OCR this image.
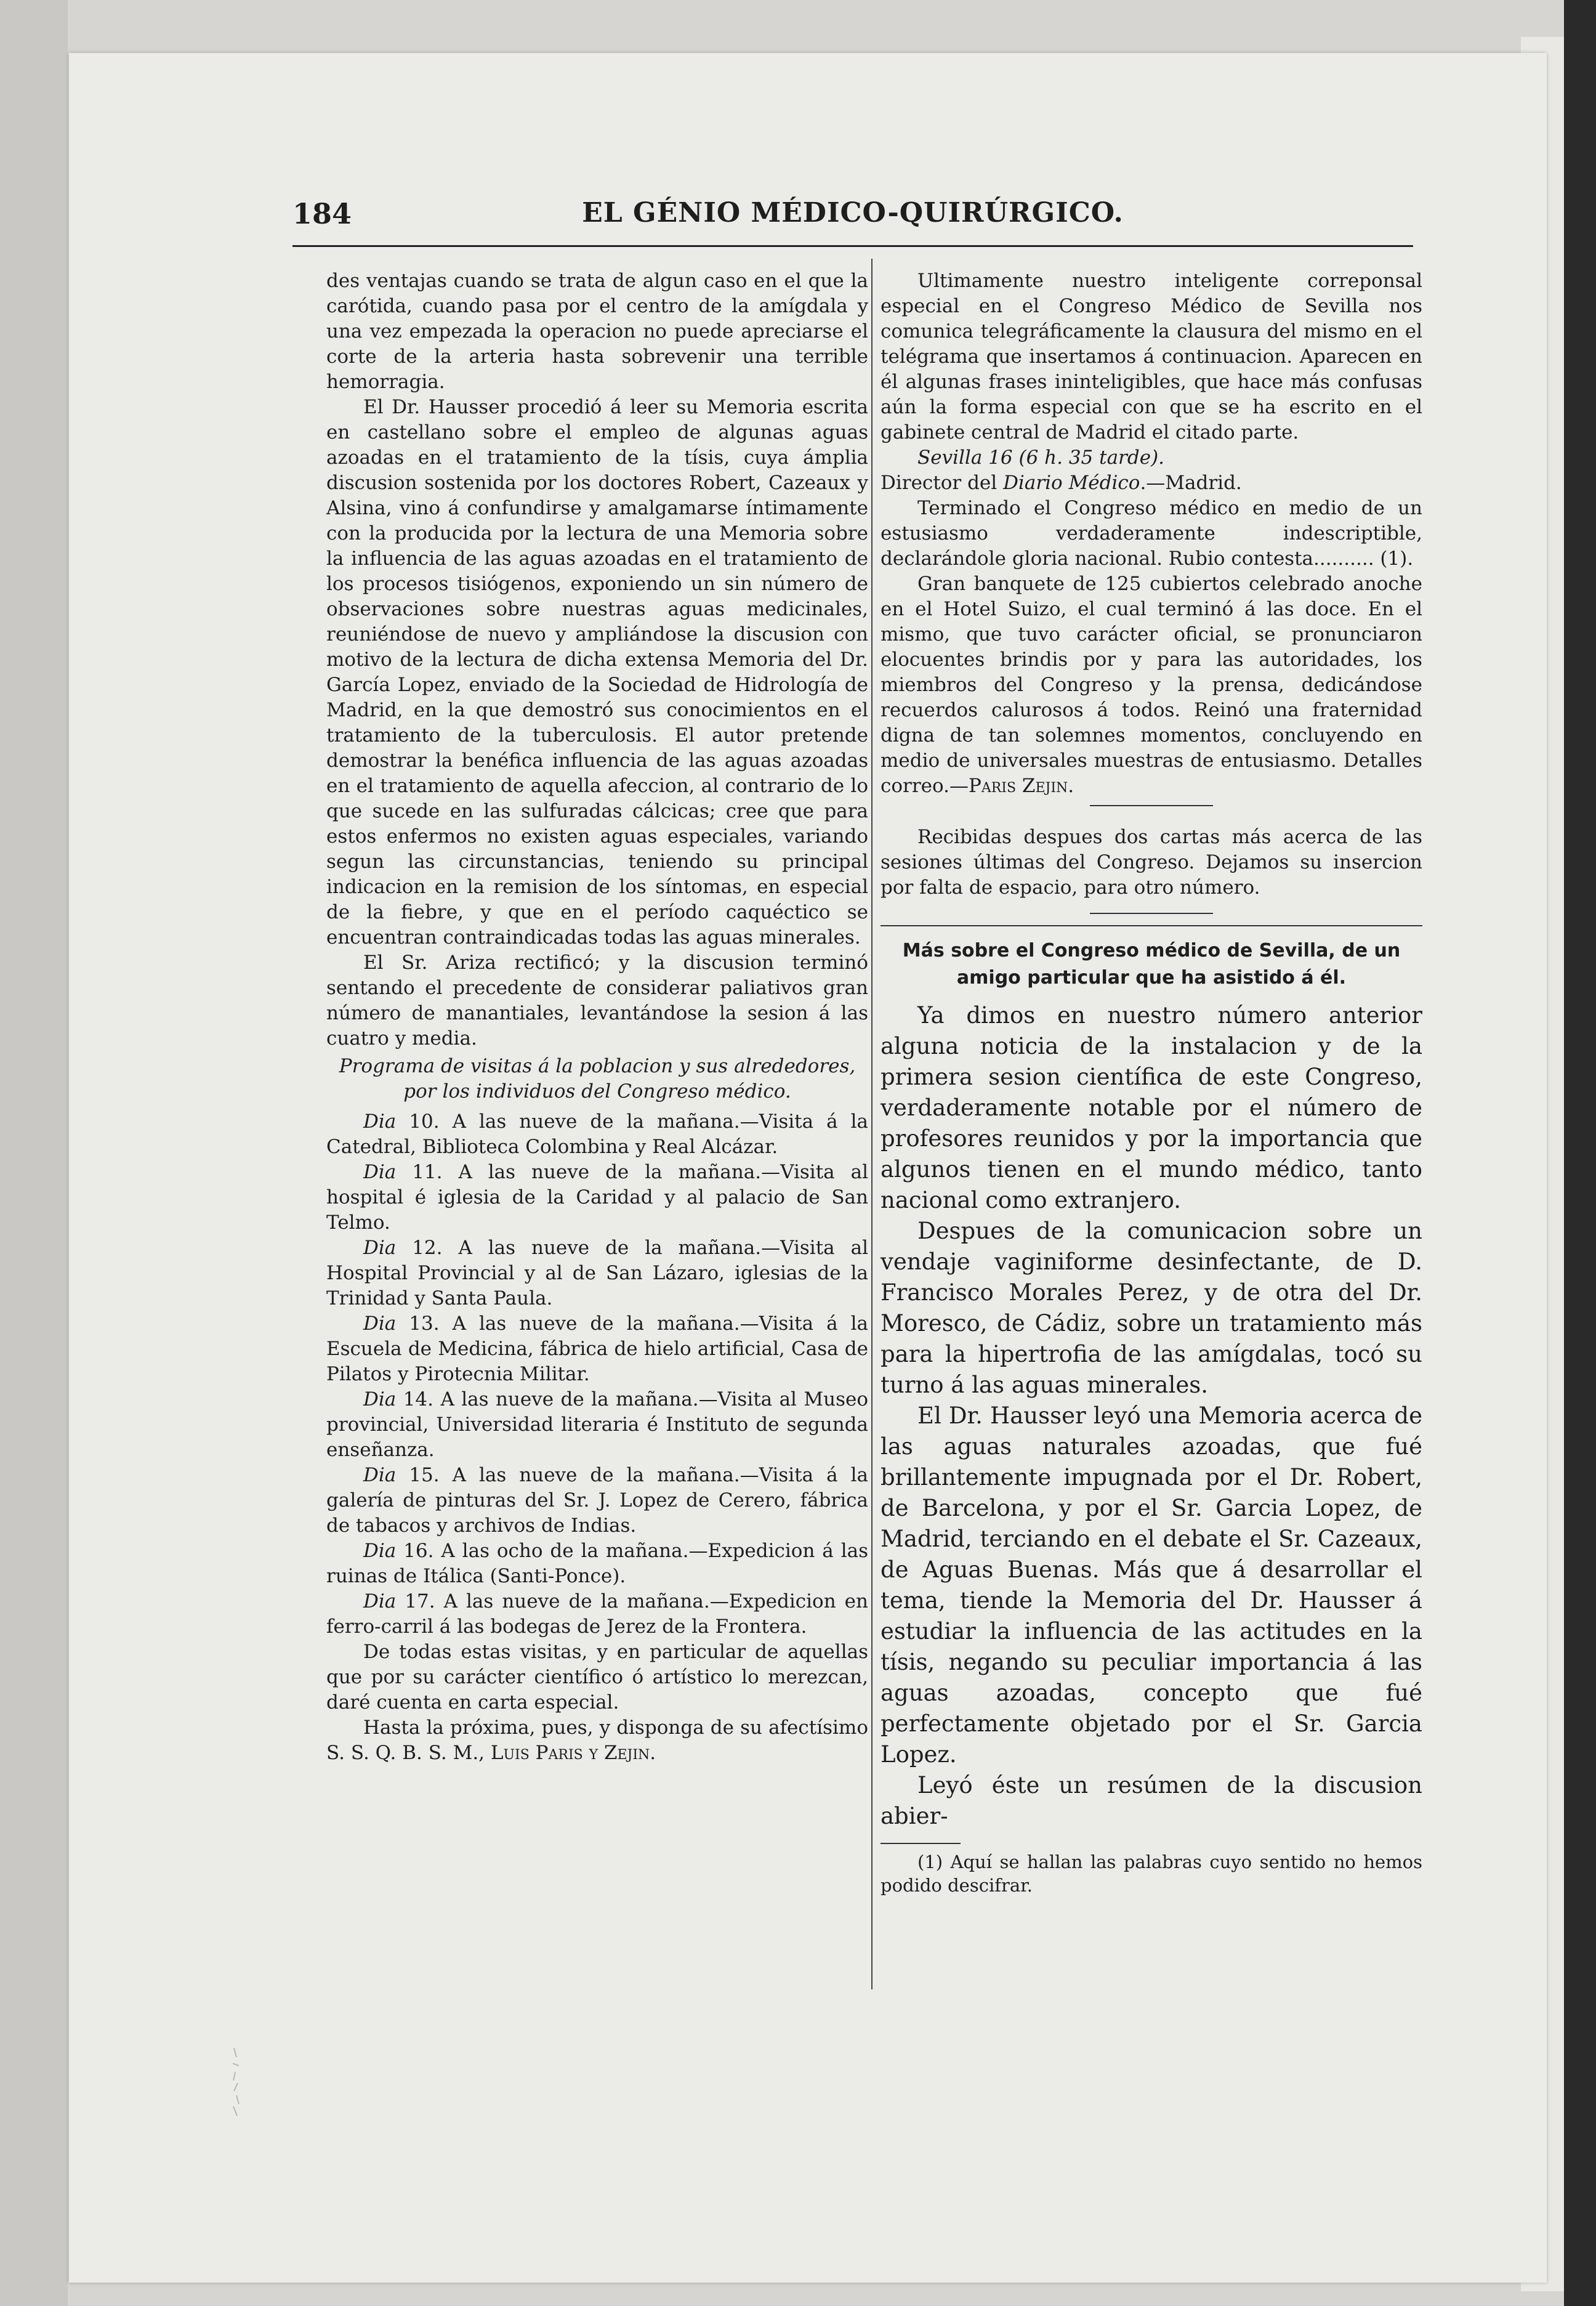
184	EL GÉNIO MÉDICO-QUIRÚRGICO.

des ventajas cuando se trata de algun caso en el que la carótida, cuando pasa por el centro de la amígdala y una vez empezada la operacion no puede apreciarse el corte de la arteria hasta sobrevenir una terrible hemorragia.

El Dr. Hausser procedió á leer su Memoria escrita en castellano sobre el empleo de algunas aguas azoadas en el tratamiento de la tísis, cuya ámplia discusion sostenida por los doctores Robert, Cazeaux y Alsina, vino á confundirse y amalgamarse íntimamente con la producida por la lectura de una Memoria sobre la influencia de las aguas azoadas en el tratamiento de los procesos tisiógenos, exponiendo un sin número de observaciones sobre nuestras aguas medicinales, reuniéndose de nuevo y ampliándose la discusion con motivo de la lectura de dicha extensa Memoria del Dr. García Lopez, enviado de la Sociedad de Hidrología de Madrid, en la que demostró sus conocimientos en el tratamiento de la tuberculosis. El autor pretende demostrar la benéfica influencia de las aguas azoadas en el tratamiento de aquella afeccion, al contrario de lo que sucede en las sulfuradas cálcicas; cree que para estos enfermos no existen aguas especiales, variando segun las circunstancias, teniendo su principal indicacion en la remision de los síntomas, en especial de la fiebre, y que en el período caquéctico se encuentran contraindicadas todas las aguas minerales.

El Sr. Ariza rectificó; y la discusion terminó sentando el precedente de considerar paliativos gran número de manantiales, levantándose la sesion á las cuatro y media.

Programa de visitas á la poblacion y sus alrededores, por los individuos del Congreso médico.

Dia 10. A las nueve de la mañana.—Visita á la Catedral, Biblioteca Colombina y Real Alcázar.

Dia 11. A las nueve de la mañana.—Visita al hospital é iglesia de la Caridad y al palacio de San Telmo.

Dia 12. A las nueve de la mañana.—Visita al Hospital Provincial y al de San Lázaro, iglesias de la Trinidad y Santa Paula.

Dia 13. A las nueve de la mañana.—Visita á la Escuela de Medicina, fábrica de hielo artificial, Casa de Pilatos y Pirotecnia Militar.

Dia 14. A las nueve de la mañana.—Visita al Museo provincial, Universidad literaria é Instituto de segunda enseñanza.

Dia 15. A las nueve de la mañana.—Visita á la galería de pinturas del Sr. J. Lopez de Cerero, fábrica de tabacos y archivos de Indias.

Dia 16. A las ocho de la mañana.—Expedicion á las ruinas de Itálica (Santi-Ponce).

Dia 17. A las nueve de la mañana.—Expedicion en ferro-carril á las bodegas de Jerez de la Frontera.

De todas estas visitas, y en particular de aquellas que por su carácter científico ó artístico lo merezcan, daré cuenta en carta especial.

Hasta la próxima, pues, y disponga de su afectísimo S. S. Q. B. S. M., Luis Paris y Zejin.

Ultimamente nuestro inteligente correponsal especial en el Congreso Médico de Sevilla nos comunica telegráficamente la clausura del mismo en el telégrama que insertamos á continuacion. Aparecen en él algunas frases ininteligibles, que hace más confusas aún la forma especial con que se ha escrito en el gabinete central de Madrid el citado parte.

Sevilla 16 (6 h. 35 tarde).

Director del Diario Médico.—Madrid.

Terminado el Congreso médico en medio de un estusiasmo verdaderamente indescriptible, declarándole gloria nacional. Rubio contesta.......... (1).

Gran banquete de 125 cubiertos celebrado anoche en el Hotel Suizo, el cual terminó á las doce. En el mismo, que tuvo carácter oficial, se pronunciaron elocuentes brindis por y para las autoridades, los miembros del Congreso y la prensa, dedicándose recuerdos calurosos á todos. Reinó una fraternidad digna de tan solemnes momentos, concluyendo en medio de universales muestras de entusiasmo. Detalles correo.—Paris Zejin.

Recibidas despues dos cartas más acerca de las sesiones últimas del Congreso. Dejamos su insercion por falta de espacio, para otro número.

Más sobre el Congreso médico de Sevilla, de un amigo particular que ha asistido á él.

Ya dimos en nuestro número anterior alguna noticia de la instalacion y de la primera sesion científica de este Congreso, verdaderamente notable por el número de profesores reunidos y por la importancia que algunos tienen en el mundo médico, tanto nacional como extranjero.

Despues de la comunicacion sobre un vendaje vaginiforme desinfectante, de D. Francisco Morales Perez, y de otra del Dr. Moresco, de Cádiz, sobre un tratamiento más para la hipertrofia de las amígdalas, tocó su turno á las aguas minerales.

El Dr. Hausser leyó una Memoria acerca de las aguas naturales azoadas, que fué brillantemente impugnada por el Dr. Robert, de Barcelona, y por el Sr. Garcia Lopez, de Madrid, terciando en el debate el Sr. Cazeaux, de Aguas Buenas. Más que á desarrollar el tema, tiende la Memoria del Dr. Hausser á estudiar la influencia de las actitudes en la tísis, negando su peculiar importancia á las aguas azoadas, concepto que fué perfectamente objetado por el Sr. Garcia Lopez.

Leyó éste un resúmen de la discusion abier-

(1) Aquí se hallan las palabras cuyo sentido no hemos podido descifrar.
